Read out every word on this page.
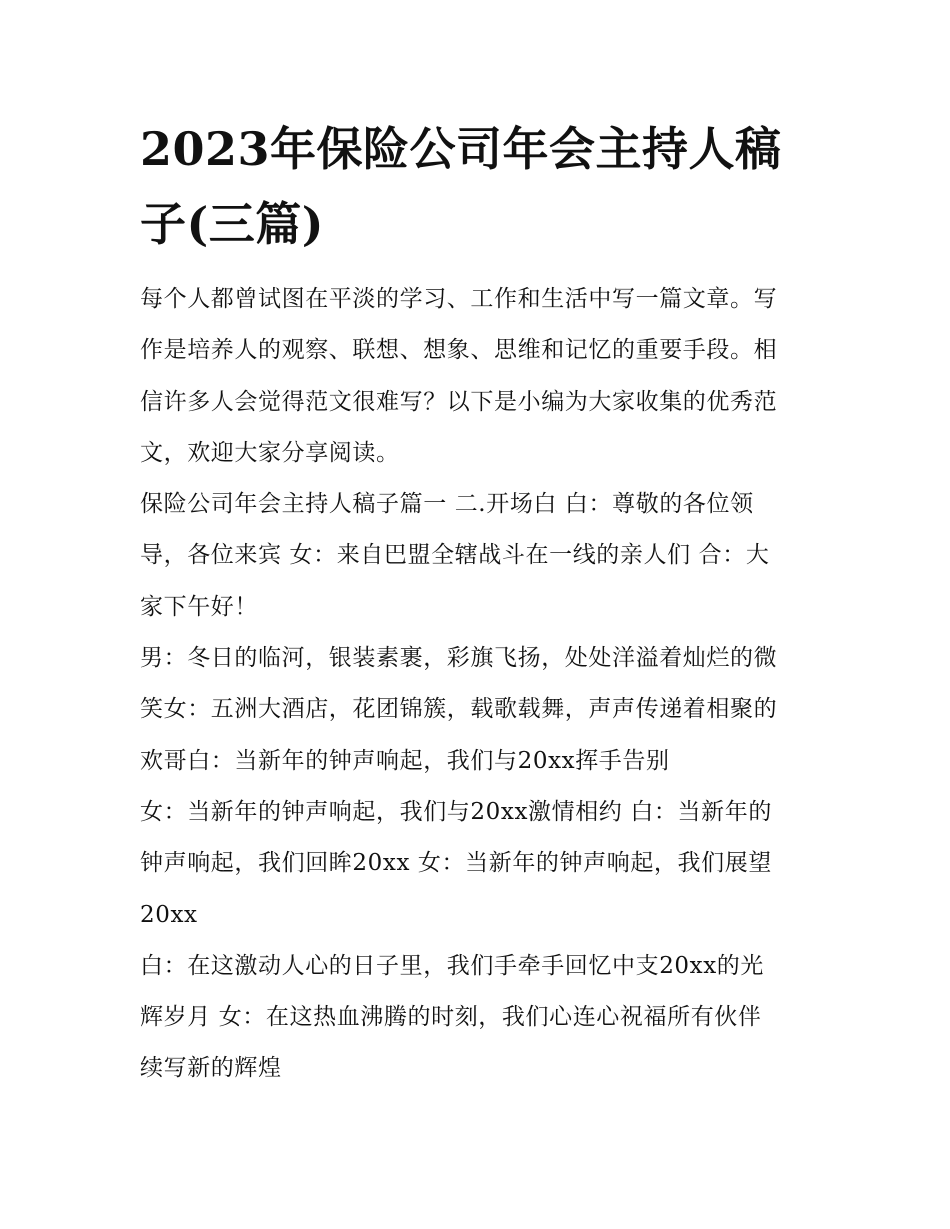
2023年保险公司年会主持人稿
子(三篇)

每个人都曾试图在平淡的学习、工作和生活中写一篇文章。写
作是培养人的观察、联想、想象、思维和记忆的重要手段。相
信许多人会觉得范文很难写？以下是小编为大家收集的优秀范
文，欢迎大家分享阅读。

保险公司年会主持人稿子篇一 二.开场白 白：尊敬的各位领
导，各位来宾 女：来自巴盟全辖战斗在一线的亲人们 合：大
家下午好！

男：冬日的临河，银装素裹，彩旗飞扬，处处洋溢着灿烂的微
笑女：五洲大酒店，花团锦簇，载歌载舞，声声传递着相聚的
欢哥白：当新年的钟声响起，我们与20xx挥手告别

女：当新年的钟声响起，我们与20xx激情相约 白：当新年的
钟声响起，我们回眸20xx 女：当新年的钟声响起，我们展望
20xx

白：在这激动人心的日子里，我们手牵手回忆中支20xx的光
辉岁月 女：在这热血沸腾的时刻，我们心连心祝福所有伙伴
续写新的辉煌
